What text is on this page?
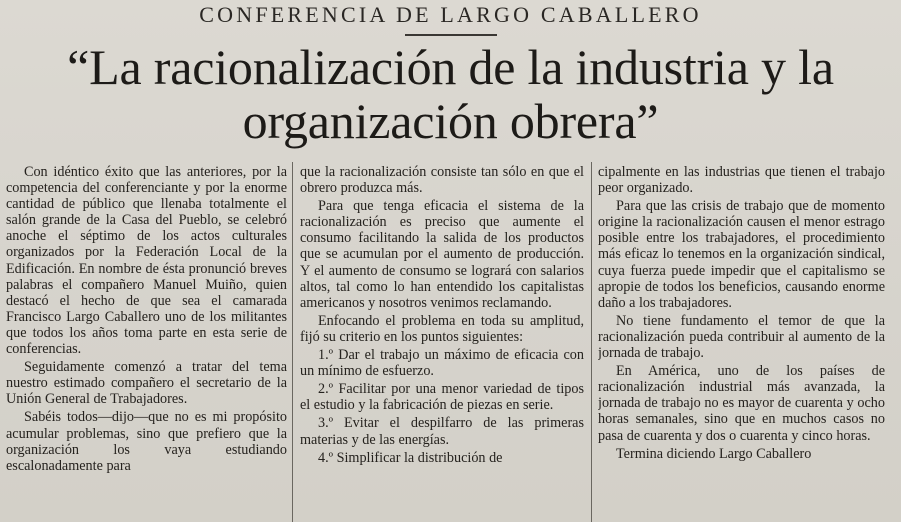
CONFERENCIA DE LARGO CABALLERO
“La racionalización de la industria y la
organización obrera”

Con idéntico éxito que las anteriores, por la competencia del conferenciante y por la enorme cantidad de público que llenaba totalmente el salón grande de la Casa del Pueblo, se celebró anoche el séptimo de los actos culturales organizados por la Federación Local de la Edificación. En nombre de ésta pronunció breves palabras el compañero Manuel Muiño, quien destacó el hecho de que sea el camarada Francisco Largo Caballero uno de los militantes que todos los años toma parte en esta serie de conferencias.

Seguidamente comenzó a tratar del tema nuestro estimado compañero el secretario de la Unión General de Trabajadores.

Sabéis todos—dijo—que no es mi propósito acumular problemas, sino que prefiero que la organización los vaya estudiando escalonadamente para

que la racionalización consiste tan sólo en que el obrero produzca más.

Para que tenga eficacia el sistema de la racionalización es preciso que aumente el consumo facilitando la salida de los productos que se acumulan por el aumento de producción. Y el aumento de consumo se logrará con salarios altos, tal como lo han entendido los capitalistas americanos y nosotros venimos reclamando.

Enfocando el problema en toda su amplitud, fijó su criterio en los puntos siguientes:

1.º Dar el trabajo un máximo de eficacia con un mínimo de esfuerzo.

2.º Facilitar por una menor variedad de tipos el estudio y la fabricación de piezas en serie.

3.º Evitar el despilfarro de las primeras materias y de las energías.

4.º Simplificar la distribución de

cipalmente en las industrias que tienen el trabajo peor organizado.

Para que las crisis de trabajo que de momento origine la racionalización causen el menor estrago posible entre los trabajadores, el procedimiento más eficaz lo tenemos en la organización sindical, cuya fuerza puede impedir que el capitalismo se apropie de todos los beneficios, causando enorme daño a los trabajadores.

No tiene fundamento el temor de que la racionalización pueda contribuir al aumento de la jornada de trabajo.

En América, uno de los países de racionalización industrial más avanzada, la jornada de trabajo no es mayor de cuarenta y ocho horas semanales, sino que en muchos casos no pasa de cuarenta y dos o cuarenta y cinco horas.

Termina diciendo Largo Caballero
